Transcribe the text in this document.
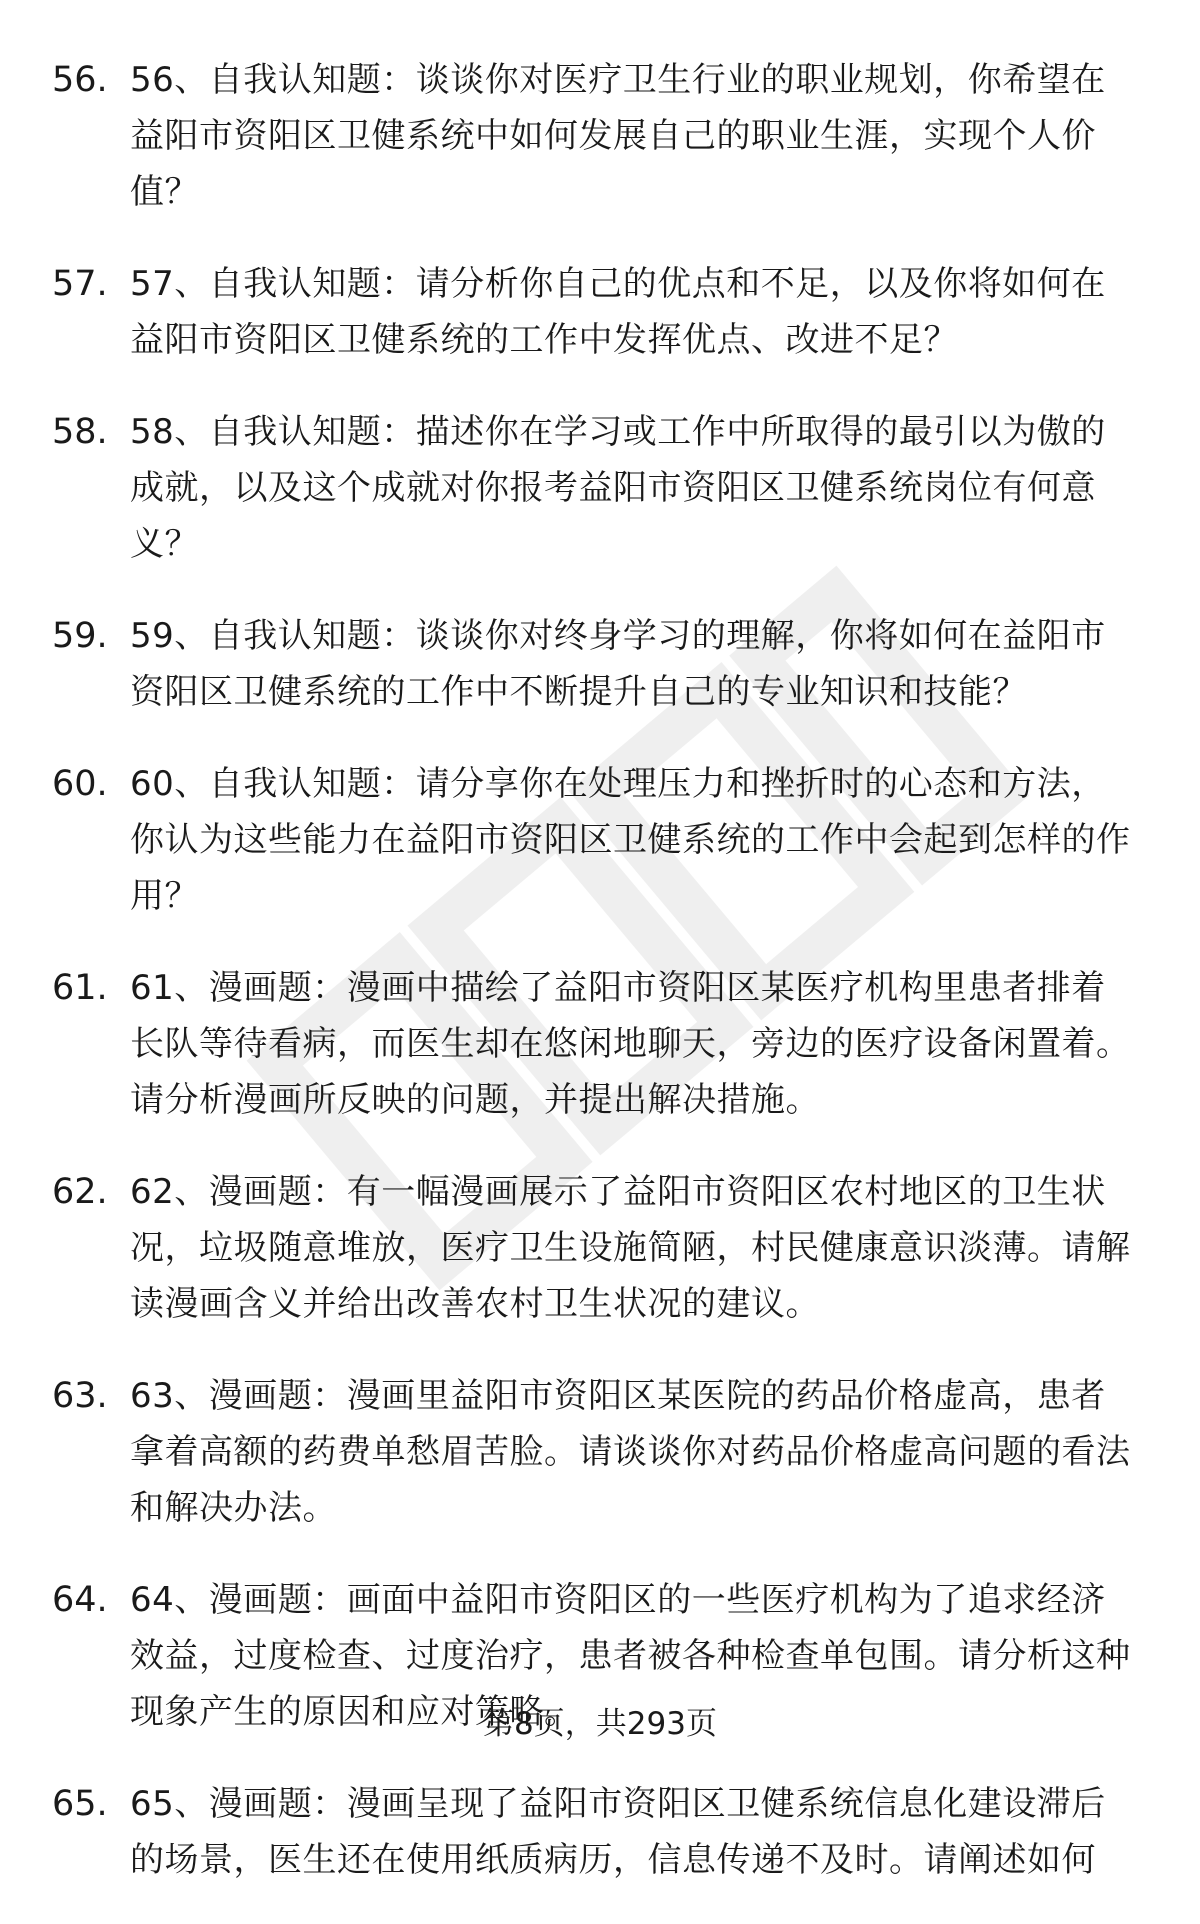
56. 56、自我认知题：谈谈你对医疗卫生行业的职业规划，你希望在益阳市资阳区卫健系统中如何发展自己的职业生涯，实现个人价值？
57. 57、自我认知题：请分析你自己的优点和不足，以及你将如何在益阳市资阳区卫健系统的工作中发挥优点、改进不足？
58. 58、自我认知题：描述你在学习或工作中所取得的最引以为傲的成就，以及这个成就对你报考益阳市资阳区卫健系统岗位有何意义？
59. 59、自我认知题：谈谈你对终身学习的理解，你将如何在益阳市资阳区卫健系统的工作中不断提升自己的专业知识和技能？
60. 60、自我认知题：请分享你在处理压力和挫折时的心态和方法，你认为这些能力在益阳市资阳区卫健系统的工作中会起到怎样的作用？
61. 61、漫画题：漫画中描绘了益阳市资阳区某医疗机构里患者排着长队等待看病，而医生却在悠闲地聊天，旁边的医疗设备闲置着。请分析漫画所反映的问题，并提出解决措施。
62. 62、漫画题：有一幅漫画展示了益阳市资阳区农村地区的卫生状况，垃圾随意堆放，医疗卫生设施简陋，村民健康意识淡薄。请解读漫画含义并给出改善农村卫生状况的建议。
63. 63、漫画题：漫画里益阳市资阳区某医院的药品价格虚高，患者拿着高额的药费单愁眉苦脸。请谈谈你对药品价格虚高问题的看法和解决办法。
64. 64、漫画题：画面中益阳市资阳区的一些医疗机构为了追求经济效益，过度检查、过度治疗，患者被各种检查单包围。请分析这种现象产生的原因和应对策略。
65. 65、漫画题：漫画呈现了益阳市资阳区卫健系统信息化建设滞后的场景，医生还在使用纸质病历，信息传递不及时。请阐述如何
第8页，共293页
